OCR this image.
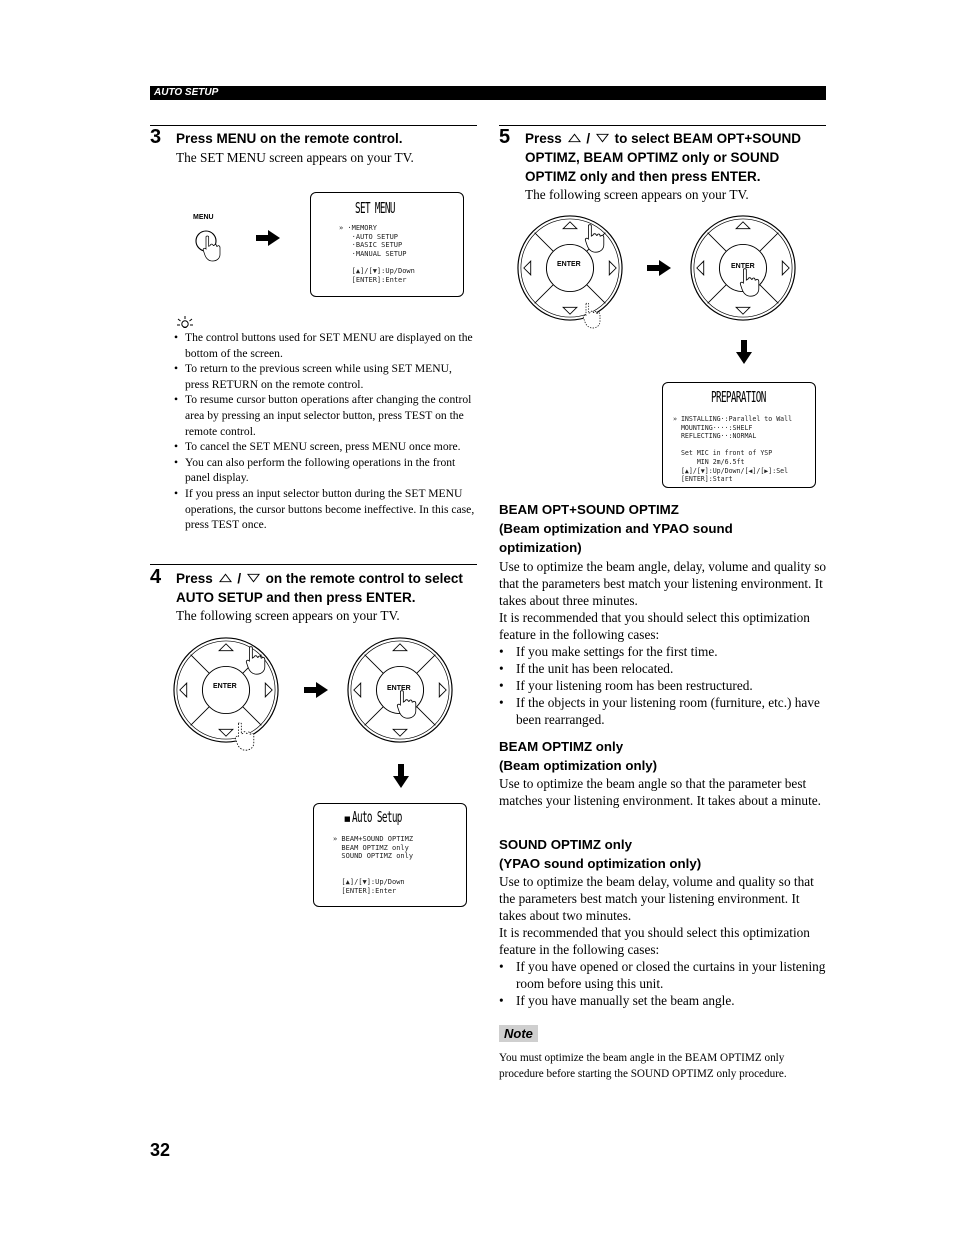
AUTO SETUP
3 Press MENU on the remote control.
The SET MENU screen appears on your TV.
MENU
SET MENU
» ·MEMORY
·AUTO SETUP
·BASIC SETUP
·MANUAL SETUP

[▲]/[▼]:Up/Down
[ENTER]:Enter
• The control buttons used for SET MENU are displayed on the bottom of the screen.
• To return to the previous screen while using SET MENU, press RETURN on the remote control.
• To resume cursor button operations after changing the control area by pressing an input selector button, press TEST on the remote control.
• To cancel the SET MENU screen, press MENU once more.
• You can also perform the following operations in the front panel display.
• If you press an input selector button during the SET MENU operations, the cursor buttons become ineffective. In this case, press TEST once.
4 Press / on the remote control to select
AUTO SETUP and then press ENTER.
The following screen appears on your TV.
ENTER	ENTER
■ Auto Setup
» BEAM+SOUND OPTIMZ
BEAM OPTIMZ only
SOUND OPTIMZ only

[▲]/[▼]:Up/Down
[ENTER]:Enter
5 Press / to select BEAM OPT+SOUND
OPTIMZ, BEAM OPTIMZ only or SOUND
OPTIMZ only and then press ENTER.
The following screen appears on your TV.
ENTER	ENTER
PREPARATION
» INSTALLING·:Parallel to Wall
MOUNTING····:SHELF
REFLECTING··:NORMAL

Set MIC in front of YSP
MIN 2m/6.5ft
[▲]/[▼]:Up/Down/[◀]/[▶]:Sel
[ENTER]:Start
BEAM OPT+SOUND OPTIMZ
(Beam optimization and YPAO sound
optimization)
Use to optimize the beam angle, delay, volume and quality so that the parameters best match your listening environment. It takes about three minutes.
It is recommended that you should select this optimization feature in the following cases:
• If you make settings for the first time.
• If the unit has been relocated.
• If your listening room has been restructured.
• If the objects in your listening room (furniture, etc.) have been rearranged.
BEAM OPTIMZ only
(Beam optimization only)
Use to optimize the beam angle so that the parameter best matches your listening environment. It takes about a minute.
SOUND OPTIMZ only
(YPAO sound optimization only)
Use to optimize the beam delay, volume and quality so that the parameters best match your listening environment. It takes about two minutes.
It is recommended that you should select this optimization feature in the following cases:
• If you have opened or closed the curtains in your listening room before using this unit.
• If you have manually set the beam angle.
Note
You must optimize the beam angle in the BEAM OPTIMZ only procedure before starting the SOUND OPTIMZ only procedure.
32
